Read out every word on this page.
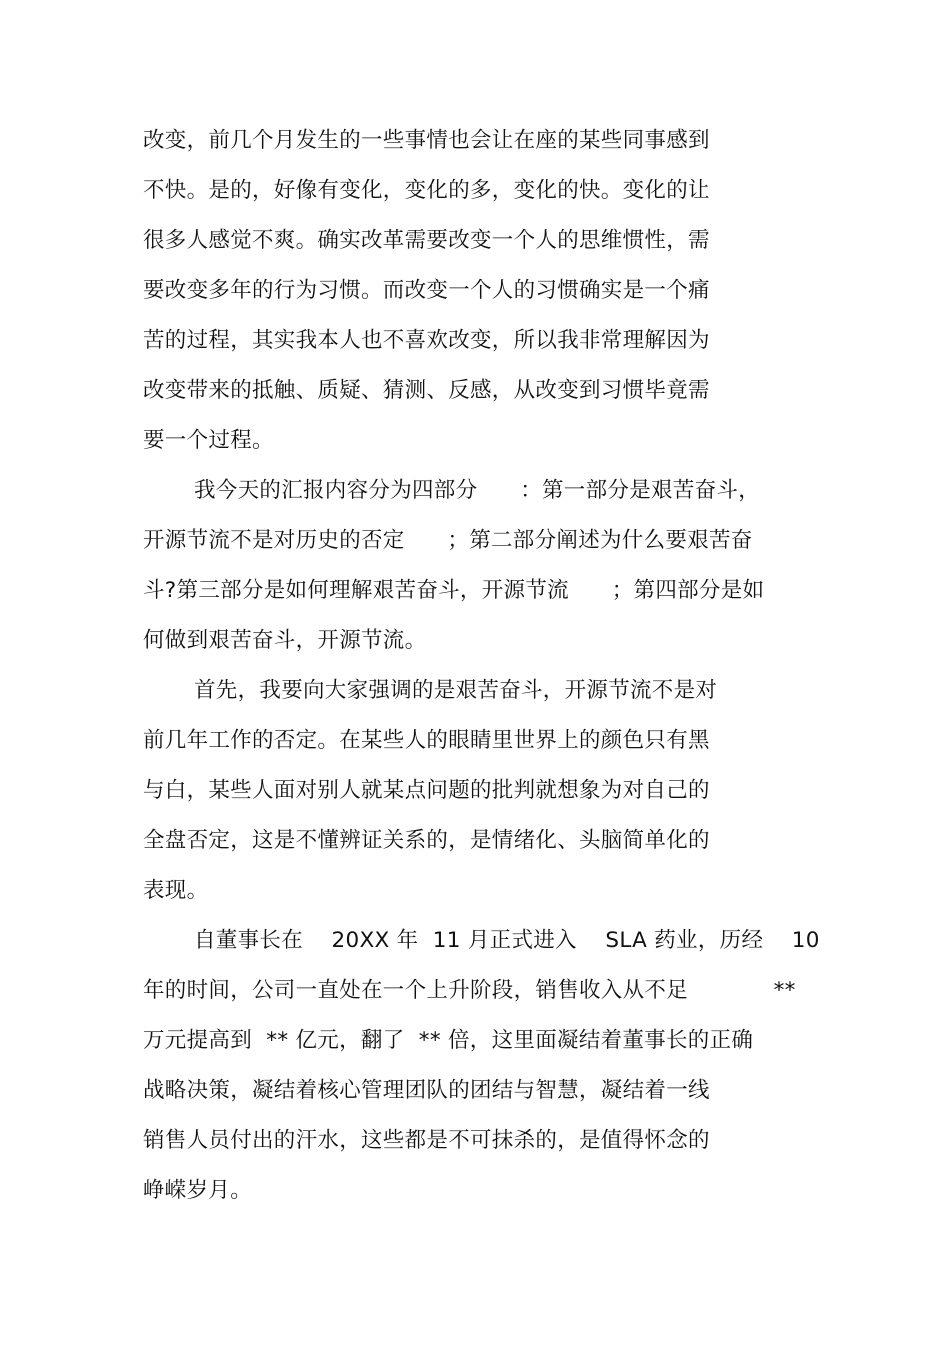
改变，前几个月发生的一些事情也会让在座的某些同事感到
不快。是的，好像有变化，变化的多，变化的快。变化的让
很多人感觉不爽。确实改革需要改变一个人的思维惯性，需
要改变多年的行为习惯。而改变一个人的习惯确实是一个痛
苦的过程，其实我本人也不喜欢改变，所以我非常理解因为
改变带来的抵触、质疑、猜测、反感，从改变到习惯毕竟需
要一个过程。
我今天的汇报内容分为四部分      ：第一部分是艰苦奋斗，
开源节流不是对历史的否定      ；第二部分阐述为什么要艰苦奋
斗?第三部分是如何理解艰苦奋斗，开源节流      ；第四部分是如
何做到艰苦奋斗，开源节流。
首先，我要向大家强调的是艰苦奋斗，开源节流不是对
前几年工作的否定。在某些人的眼睛里世界上的颜色只有黑
与白，某些人面对别人就某点问题的批判就想象为对自己的
全盘否定，这是不懂辨证关系的，是情绪化、头脑简单化的
表现。
自董事长在    20XX 年  11 月正式进入    SLA 药业，历经    10
年的时间，公司一直处在一个上升阶段，销售收入从不足            **
万元提高到  ** 亿元，翻了  ** 倍，这里面凝结着董事长的正确
战略决策，凝结着核心管理团队的团结与智慧，凝结着一线
销售人员付出的汗水，这些都是不可抹杀的，是值得怀念的
峥嵘岁月。
